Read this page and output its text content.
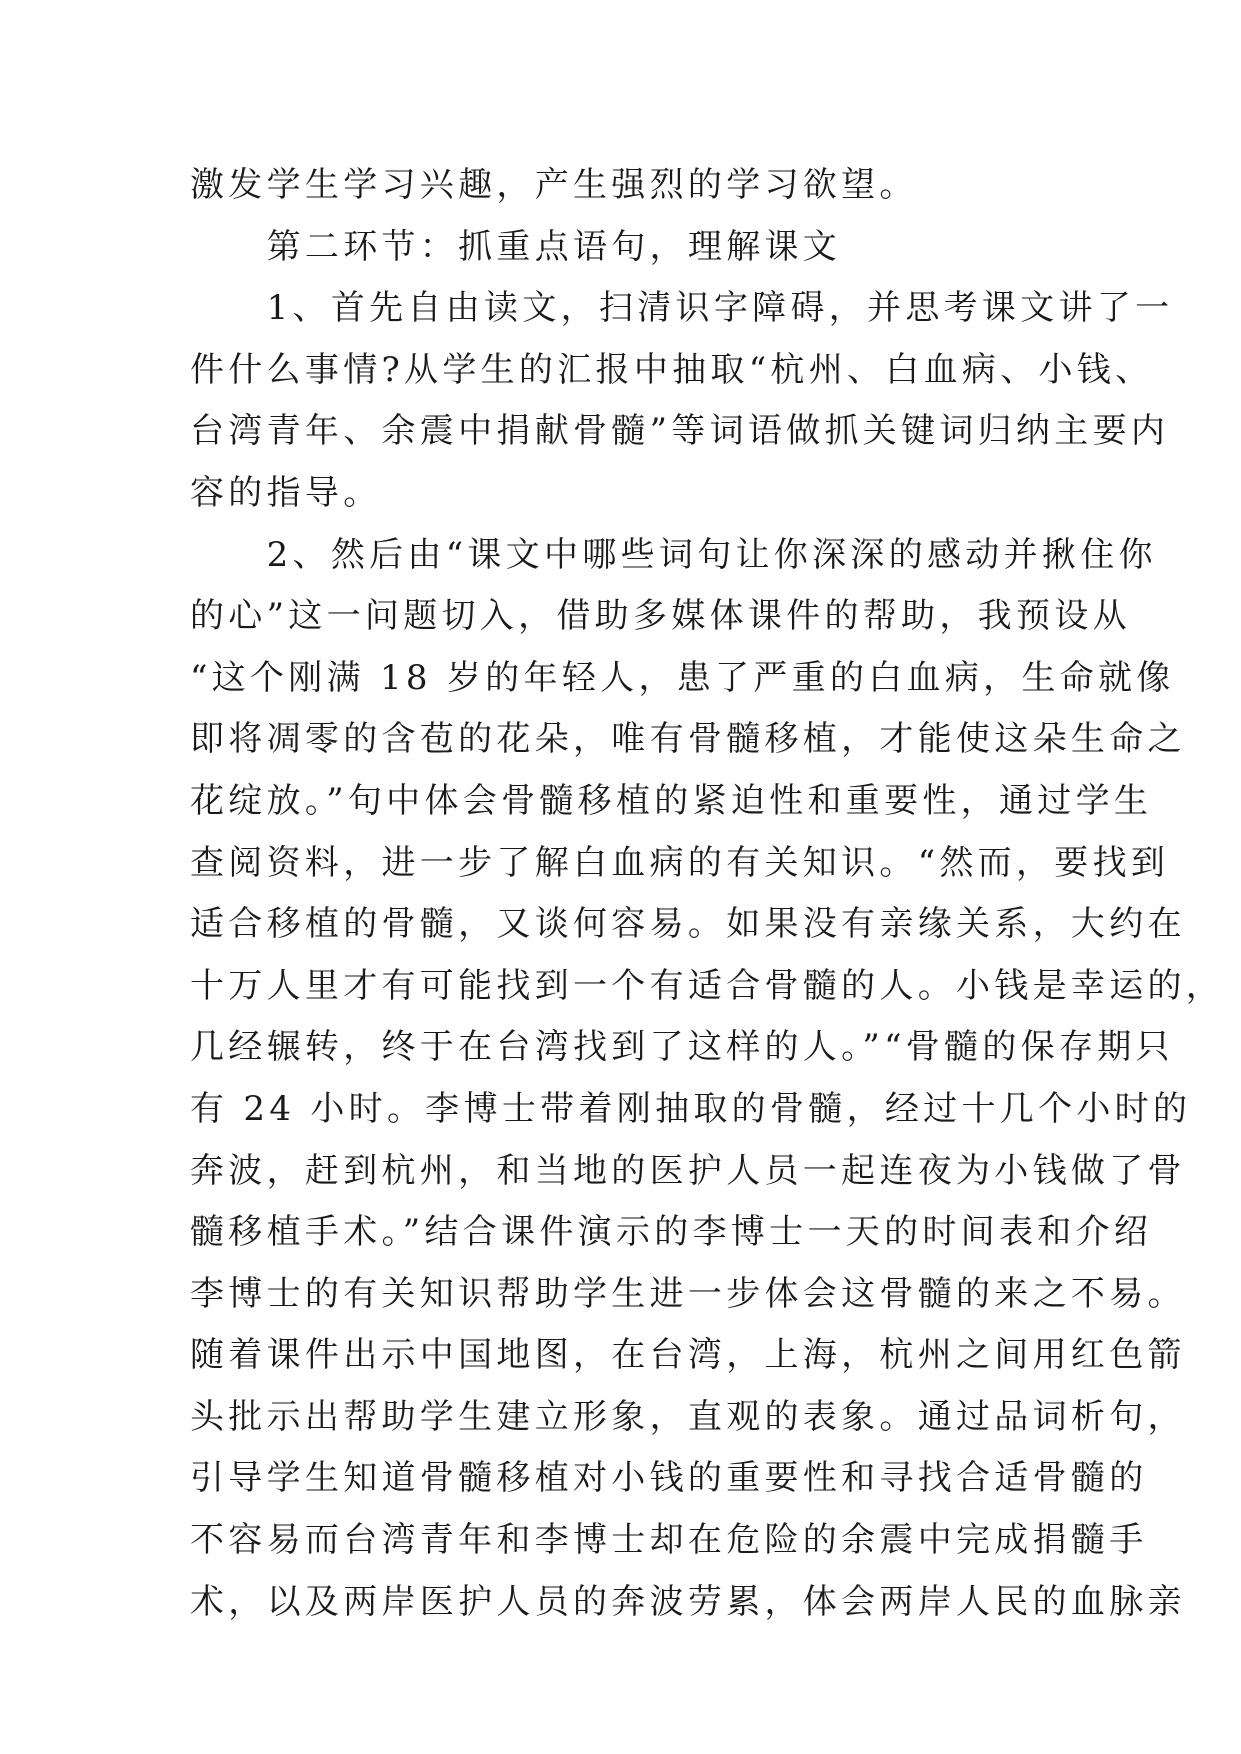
激发学生学习兴趣，产生强烈的学习欲望。
　　第二环节：抓重点语句，理解课文
　　1、首先自由读文，扫清识字障碍，并思考课文讲了一
件什么事情?从学生的汇报中抽取“杭州、白血病、小钱、
台湾青年、余震中捐献骨髓”等词语做抓关键词归纳主要内
容的指导。
　　2、然后由“课文中哪些词句让你深深的感动并揪住你
的心”这一问题切入，借助多媒体课件的帮助，我预设从
“这个刚满 18 岁的年轻人，患了严重的白血病，生命就像
即将凋零的含苞的花朵，唯有骨髓移植，才能使这朵生命之
花绽放。”句中体会骨髓移植的紧迫性和重要性，通过学生
查阅资料，进一步了解白血病的有关知识。“然而，要找到
适合移植的骨髓，又谈何容易。如果没有亲缘关系，大约在
十万人里才有可能找到一个有适合骨髓的人。小钱是幸运的，
几经辗转，终于在台湾找到了这样的人。”“骨髓的保存期只
有 24 小时。李博士带着刚抽取的骨髓，经过十几个小时的
奔波，赶到杭州，和当地的医护人员一起连夜为小钱做了骨
髓移植手术。”结合课件演示的李博士一天的时间表和介绍
李博士的有关知识帮助学生进一步体会这骨髓的来之不易。
随着课件出示中国地图，在台湾，上海，杭州之间用红色箭
头批示出帮助学生建立形象，直观的表象。通过品词析句，
引导学生知道骨髓移植对小钱的重要性和寻找合适骨髓的
不容易而台湾青年和李博士却在危险的余震中完成捐髓手
术，以及两岸医护人员的奔波劳累，体会两岸人民的血脉亲
